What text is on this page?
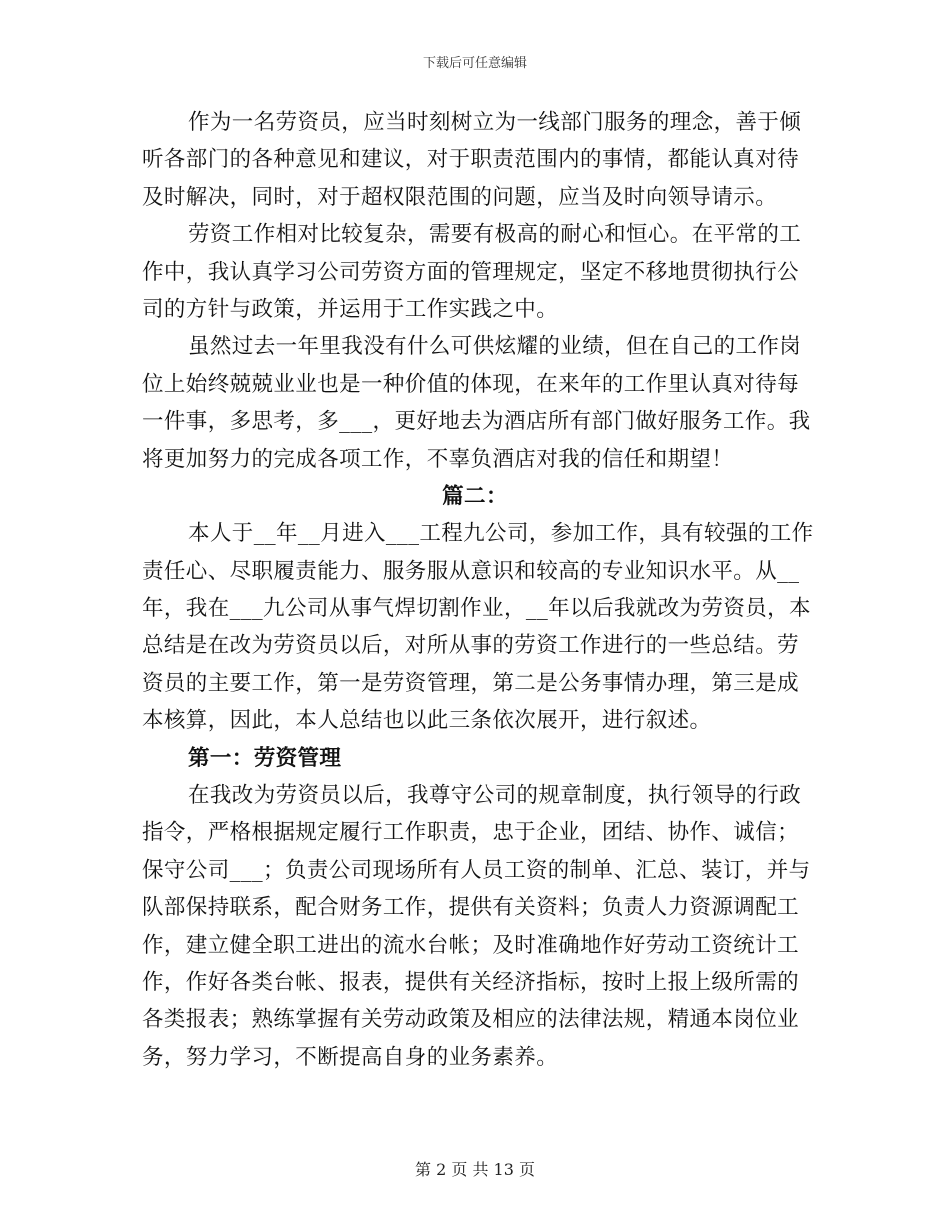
下载后可任意编辑
作为一名劳资员，应当时刻树立为一线部门服务的理念，善于倾
听各部门的各种意见和建议，对于职责范围内的事情，都能认真对待
及时解决，同时，对于超权限范围的问题，应当及时向领导请示。
劳资工作相对比较复杂，需要有极高的耐心和恒心。在平常的工
作中，我认真学习公司劳资方面的管理规定，坚定不移地贯彻执行公
司的方针与政策，并运用于工作实践之中。
虽然过去一年里我没有什么可供炫耀的业绩，但在自己的工作岗
位上始终兢兢业业也是一种价值的体现，在来年的工作里认真对待每
一件事，多思考，多___，更好地去为酒店所有部门做好服务工作。我
将更加努力的完成各项工作，不辜负酒店对我的信任和期望！
篇二：
本人于__年__月进入___工程九公司，参加工作，具有较强的工作
责任心、尽职履责能力、服务服从意识和较高的专业知识水平。从__
年，我在___九公司从事气焊切割作业，__年以后我就改为劳资员，本
总结是在改为劳资员以后，对所从事的劳资工作进行的一些总结。劳
资员的主要工作，第一是劳资管理，第二是公务事情办理，第三是成
本核算，因此，本人总结也以此三条依次展开，进行叙述。
第一：劳资管理
在我改为劳资员以后，我尊守公司的规章制度，执行领导的行政
指令，严格根据规定履行工作职责，忠于企业，团结、协作、诚信；
保守公司___；负责公司现场所有人员工资的制单、汇总、装订，并与
队部保持联系，配合财务工作，提供有关资料；负责人力资源调配工
作，建立健全职工进出的流水台帐；及时准确地作好劳动工资统计工
作，作好各类台帐、报表，提供有关经济指标，按时上报上级所需的
各类报表；熟练掌握有关劳动政策及相应的法律法规，精通本岗位业
务，努力学习，不断提高自身的业务素养。
第 2 页 共 13 页
